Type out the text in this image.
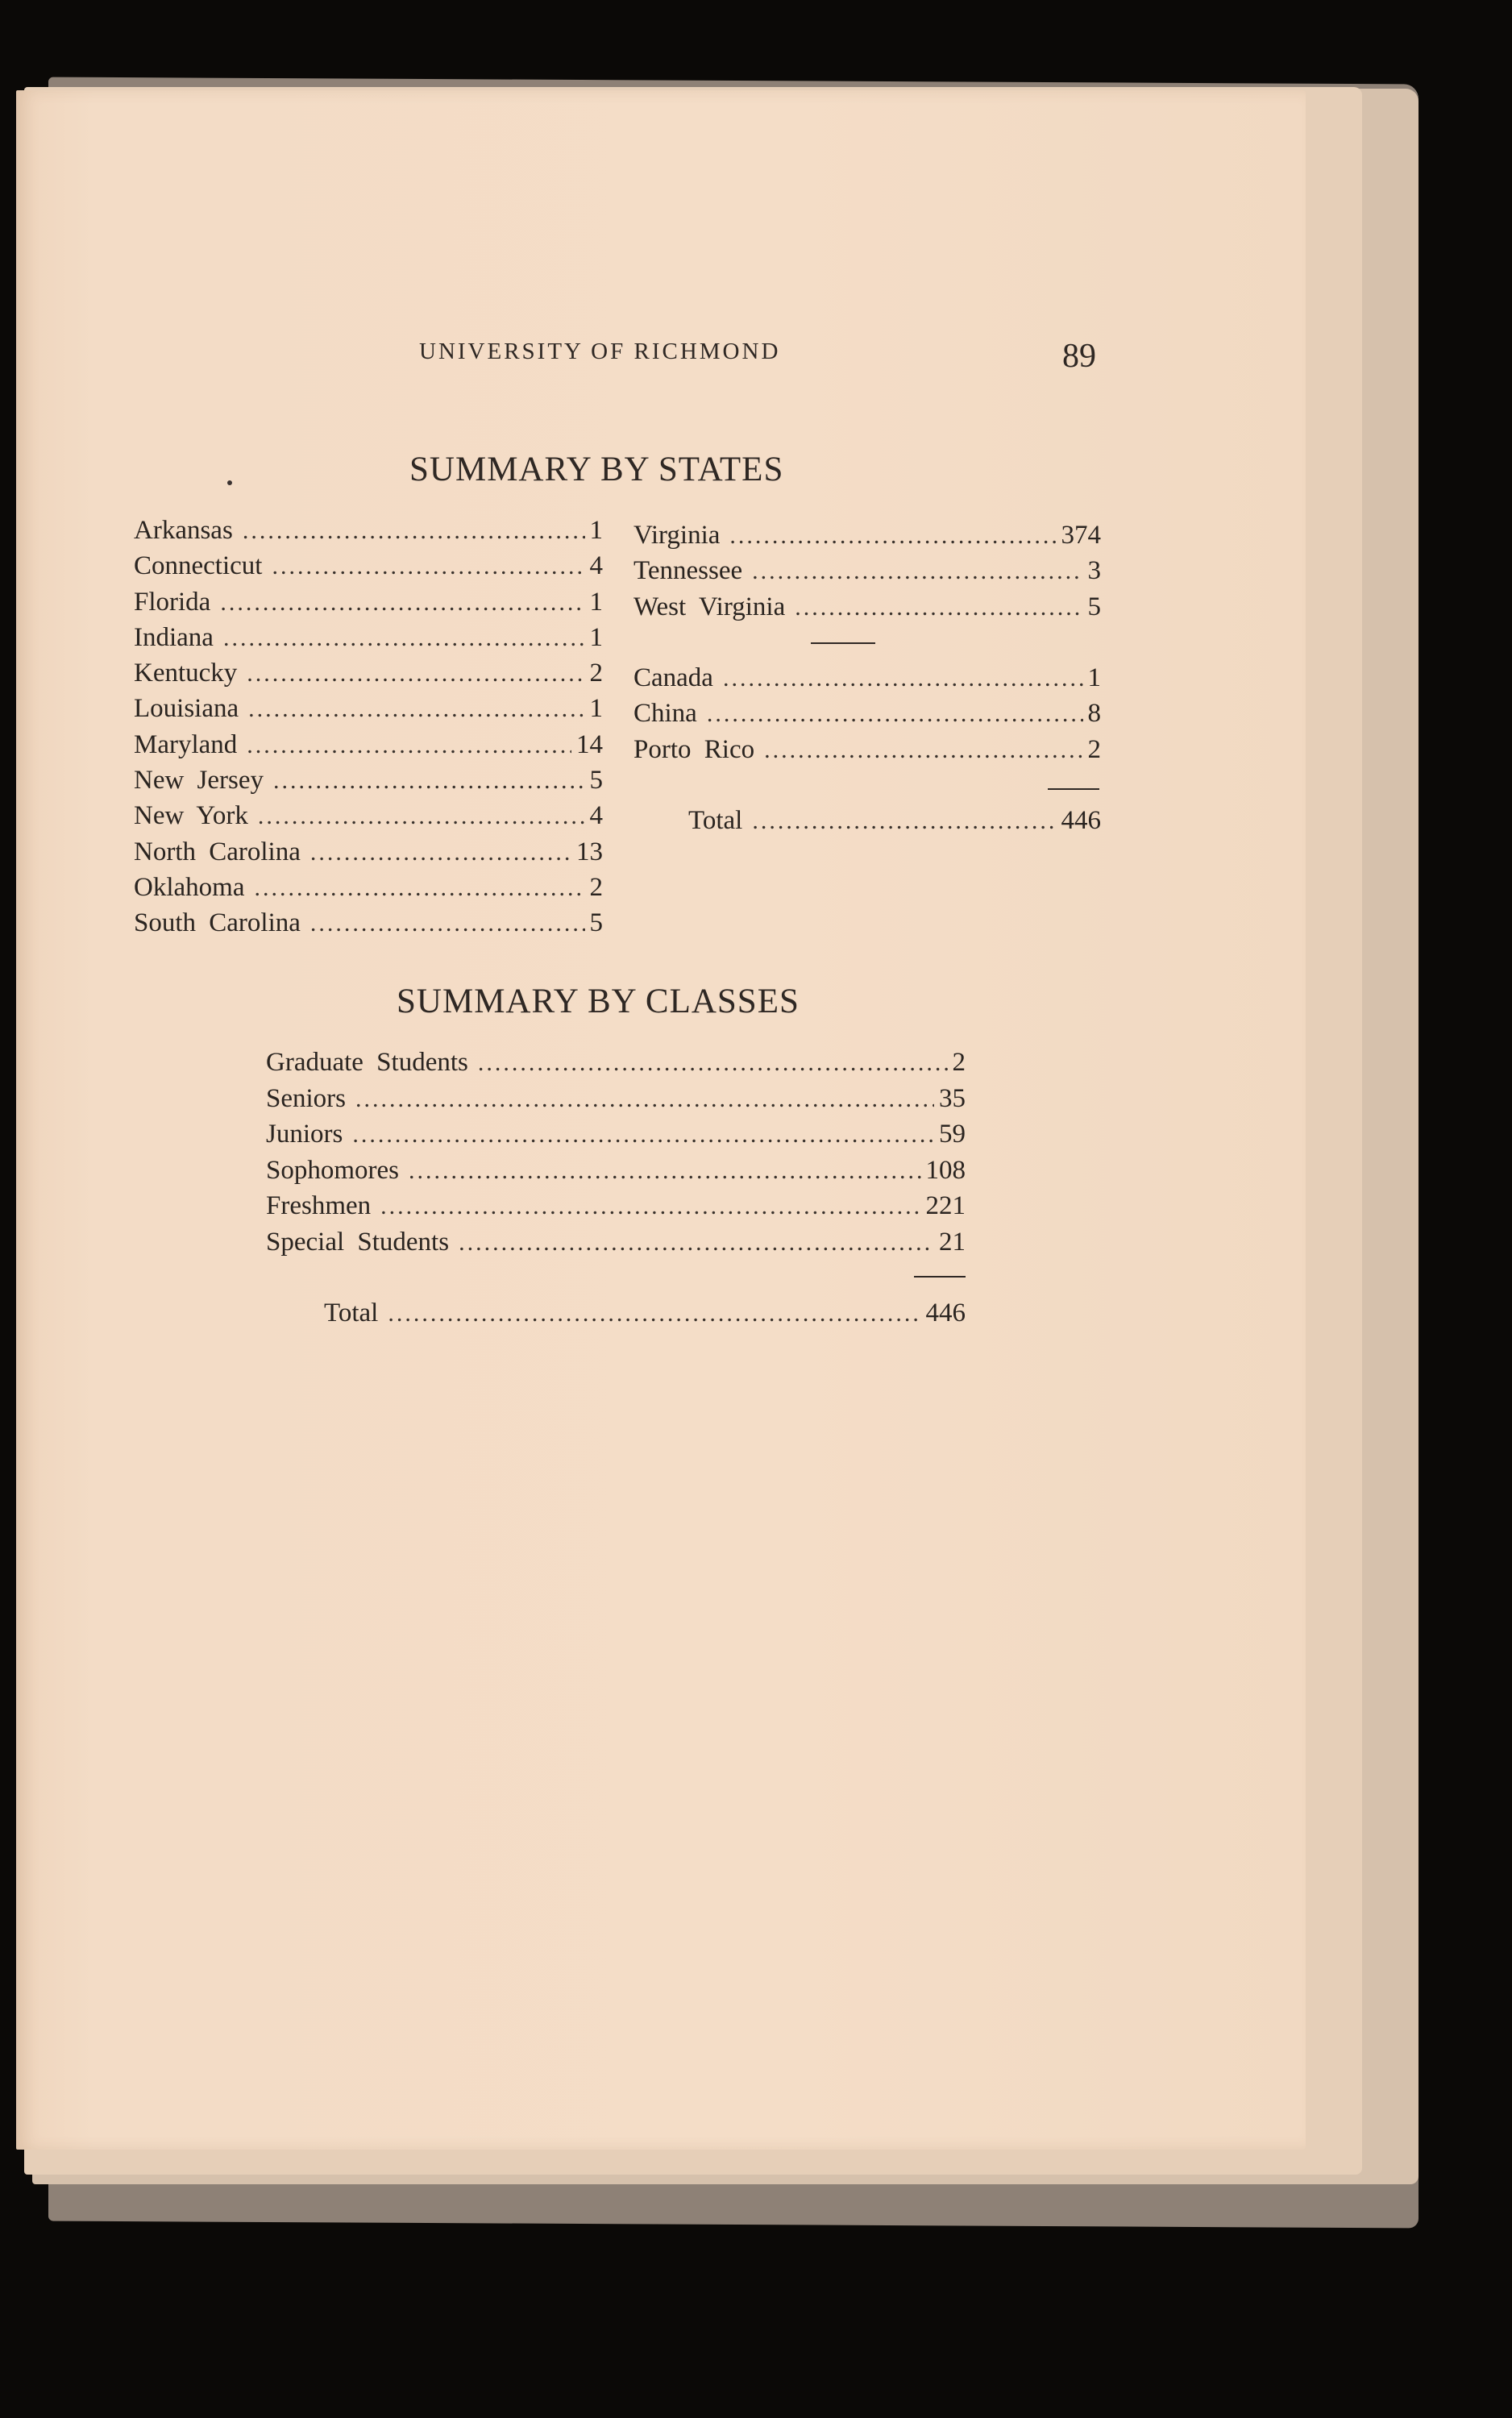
UNIVERSITY OF RICHMOND	89
SUMMARY BY STATES
Arkansas .....	1
Connecticut .....	4
Florida .....	1
Indiana .....	1
Kentucky .....	2
Louisiana .....	1
Maryland .....	14
New Jersey .....	5
New York .....	4
North Carolina .....	13
Oklahoma .....	2
South Carolina .....	5
Virginia .....	374
Tennessee .....	3
West Virginia .....	5
Canada .....	1
China .....	8
Porto Rico .....	2
Total .....	446
SUMMARY BY CLASSES
Graduate Students .....	2
Seniors .....	35
Juniors .....	59
Sophomores .....	108
Freshmen .....	221
Special Students .....	21
Total .....	446
